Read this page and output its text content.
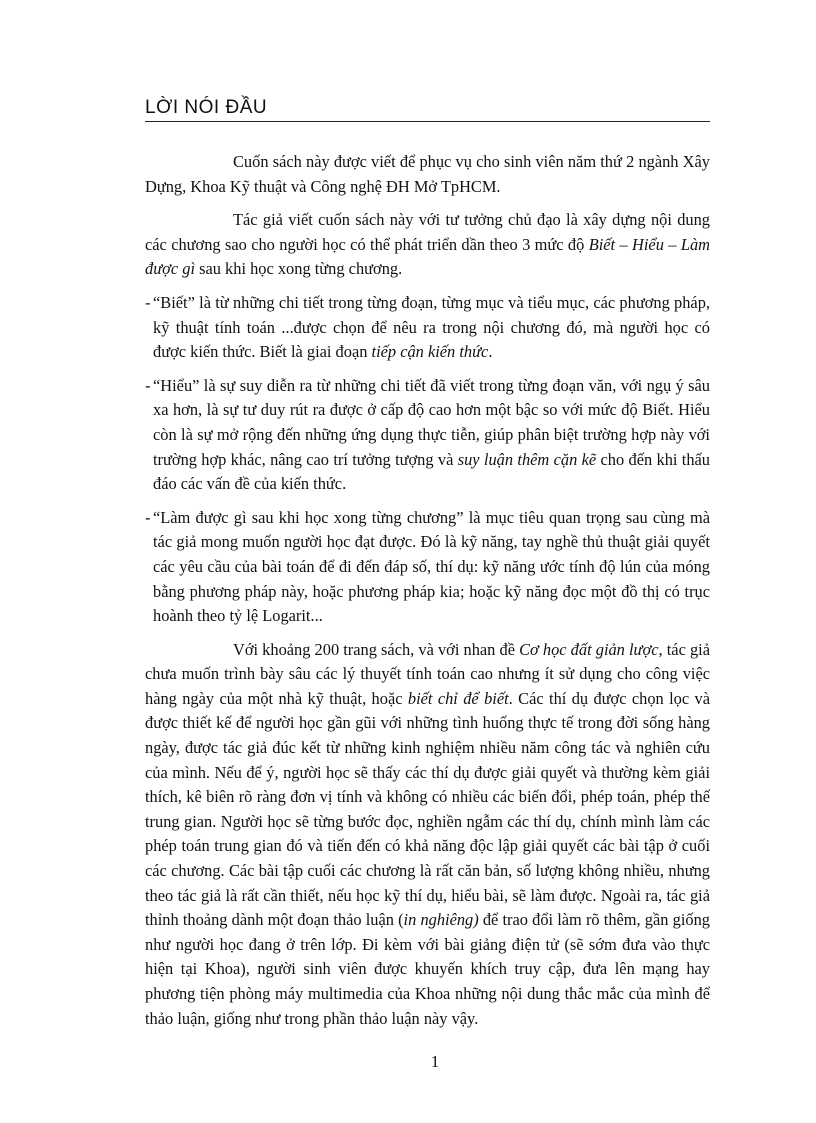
LỜI NÓI ĐẦU

Cuốn sách này được viết để phục vụ cho sinh viên năm thứ 2 ngành Xây Dựng, Khoa Kỹ thuật và Công nghệ ĐH Mở TpHCM.

Tác giả viết cuốn sách này với tư tưởng chủ đạo là xây dựng nội dung các chương sao cho người học có thể phát triển dần theo 3 mức độ Biết – Hiểu – Làm được gì sau khi học xong từng chương.

- “Biết” là từ những chi tiết trong từng đoạn, từng mục và tiểu mục, các phương pháp, kỹ thuật tính toán ...được chọn để nêu ra trong nội chương đó, mà người học có được kiến thức. Biết là giai đoạn tiếp cận kiến thức.
- “Hiểu” là sự suy diễn ra từ những chi tiết đã viết trong từng đoạn văn, với ngụ ý sâu xa hơn, là sự tư duy rút ra được ở cấp độ cao hơn một bậc so với mức độ Biết. Hiểu còn là sự mở rộng đến những ứng dụng thực tiễn, giúp phân biệt trường hợp này với trường hợp khác, nâng cao trí tưởng tượng và suy luận thêm cặn kẽ cho đến khi thấu đáo các vấn đề của kiến thức.
- “Làm được gì sau khi học xong từng chương” là mục tiêu quan trọng sau cùng mà tác giả mong muốn người học đạt được. Đó là kỹ năng, tay nghề thủ thuật giải quyết các yêu cầu của bài toán để đi đến đáp số, thí dụ: kỹ năng ước tính độ lún của móng bằng phương pháp này, hoặc phương pháp kia; hoặc kỹ năng đọc một đồ thị có trục hoành theo tỷ lệ Logarit...

Với khoảng 200 trang sách, và với nhan đề Cơ học đất giản lược, tác giả chưa muốn trình bày sâu các lý thuyết tính toán cao nhưng ít sử dụng cho công việc hàng ngày của một nhà kỹ thuật, hoặc biết chỉ để biết. Các thí dụ được chọn lọc và được thiết kế để người học gần gũi với những tình huống thực tế trong đời sống hàng ngày, được tác giả đúc kết từ những kinh nghiệm nhiều năm công tác và nghiên cứu của mình. Nếu để ý, người học sẽ thấy các thí dụ được giải quyết và thường kèm giải thích, kê biên rõ ràng đơn vị tính và không có nhiều các biến đổi, phép toán, phép thế trung gian. Người học sẽ từng bước đọc, nghiền ngẫm các thí dụ, chính mình làm các phép toán trung gian đó và tiến đến có khả năng độc lập giải quyết các bài tập ở cuối các chương. Các bài tập cuối các chương là rất căn bản, số lượng không nhiều, nhưng theo tác giả là rất cần thiết, nếu học kỹ thí dụ, hiểu bài, sẽ làm được. Ngoài ra, tác giả thỉnh thoảng dành một đoạn thảo luận (in nghiêng) để trao đổi làm rõ thêm, gần giống như người học đang ở trên lớp. Đi kèm với bài giảng điện tử (sẽ sớm đưa vào thực hiện tại Khoa), người sinh viên được khuyến khích truy cập, đưa lên mạng hay phương tiện phòng máy multimedia của Khoa những nội dung thắc mắc của mình để thảo luận, giống như trong phần thảo luận này vậy.

1
